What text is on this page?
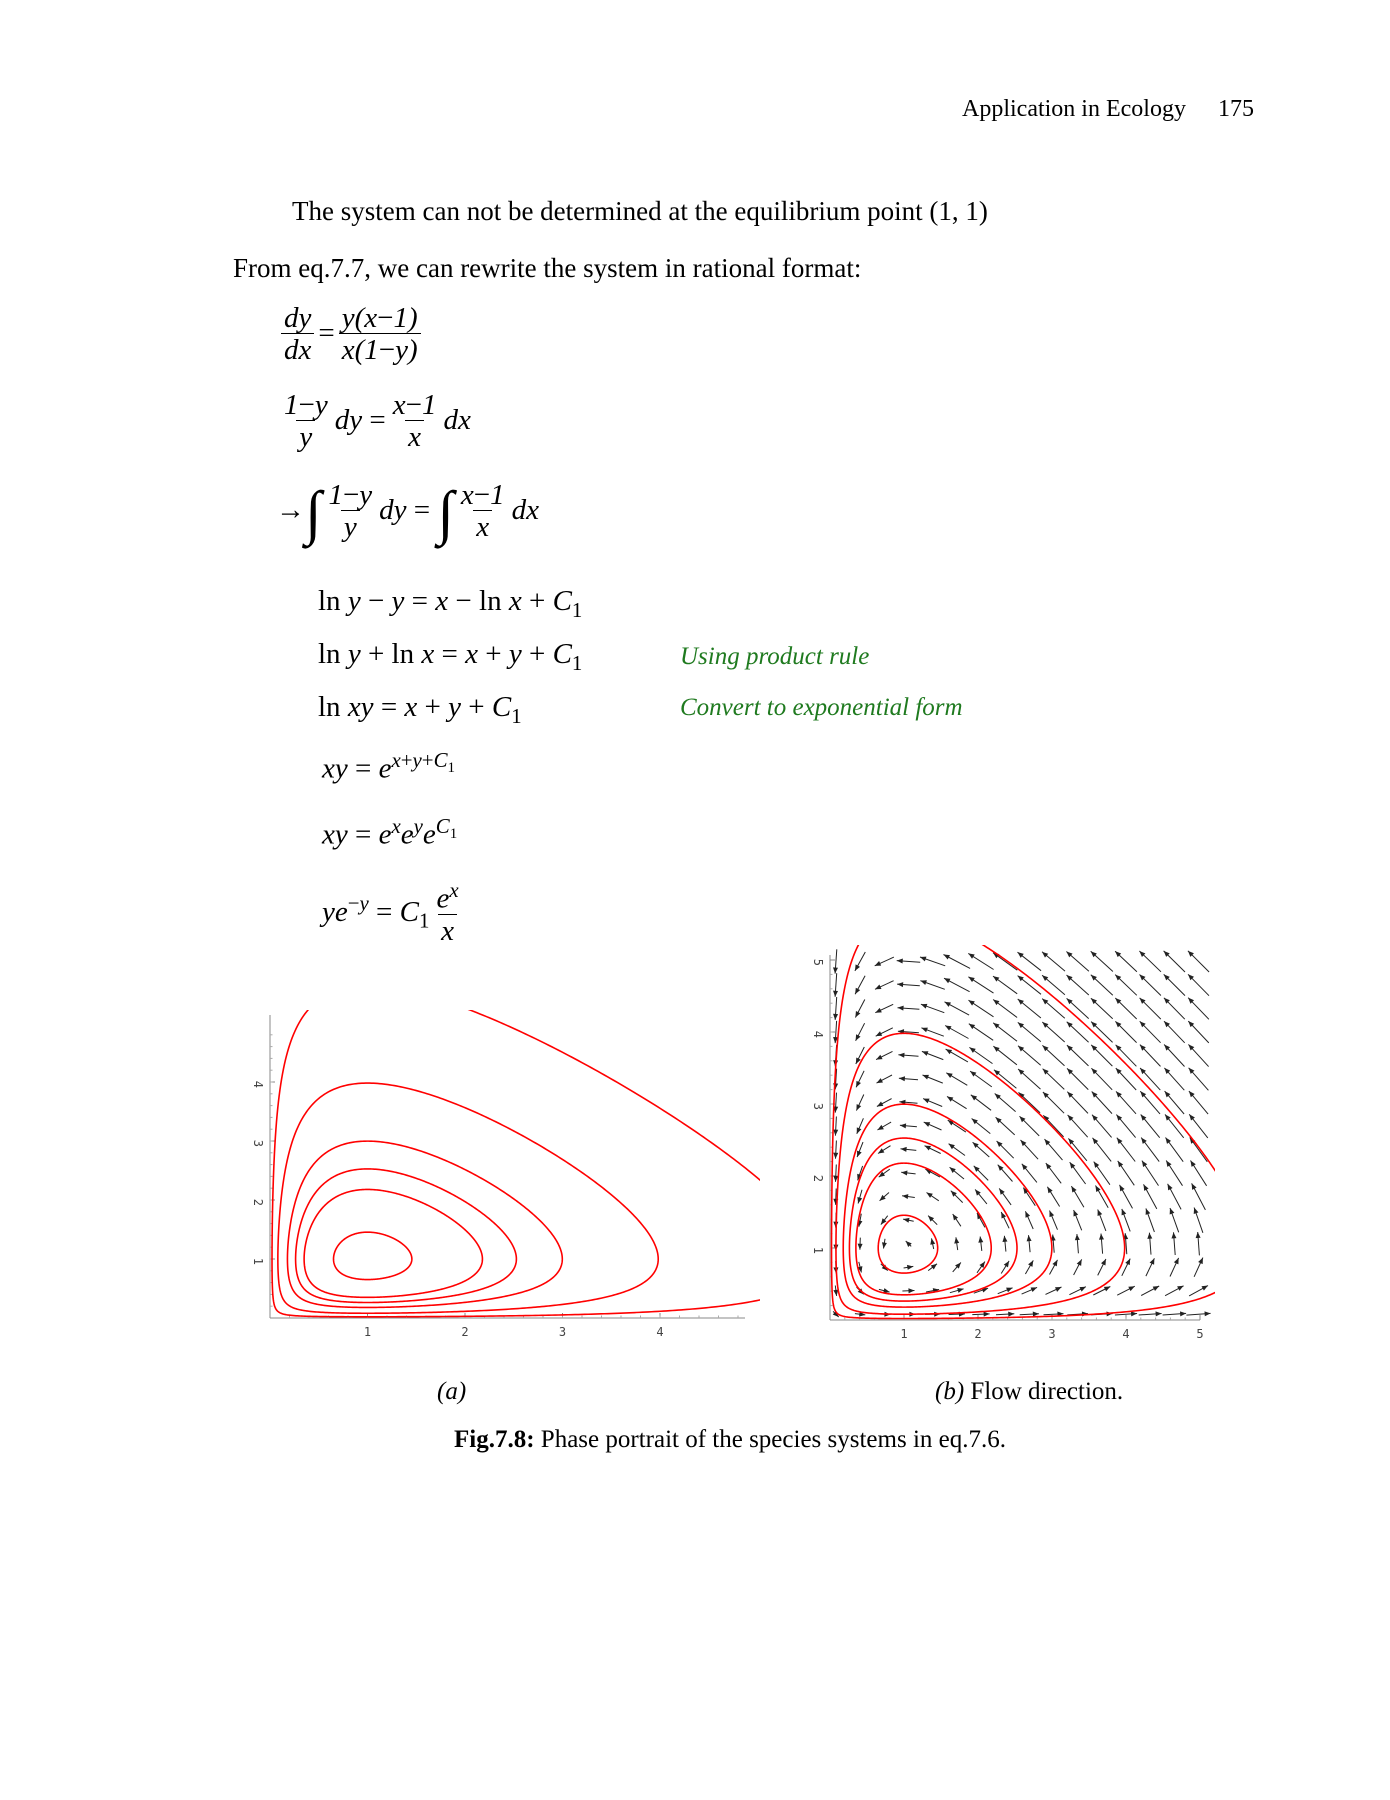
Application in Ecology 175
The system can not be determined at the equilibrium point (1, 1)
From eq.7.7, we can rewrite the system in rational format:
$\frac{dy}{dx} = \frac{y(x-1)}{x(1-y)}$
$\frac{1-y}{y}$ dy = $\frac{x-1}{x}$ dx
→∫ $\frac{1-y}{y}$ dy = ∫ $\frac{x-1}{x}$ dx
$\ln y - y = x - \ln x + C_1$
$\ln y + \ln x = x + y + C_1$
ln xy = $x + y + C_1$
Using product rule
Convert to exponential form
xy = $e^{x+y+C_1}$
xy = $e^xe^ye^{C_1}$
$ye^{-y} = C_1 \frac{e^x}{x}$
1	2	3	4
1
2
3
4
1	2	3	4	5
1
2
3
4
5
(a)	(b) Flow direction.
Fig.7.8: Phase portrait of the species systems in eq.7.6.
